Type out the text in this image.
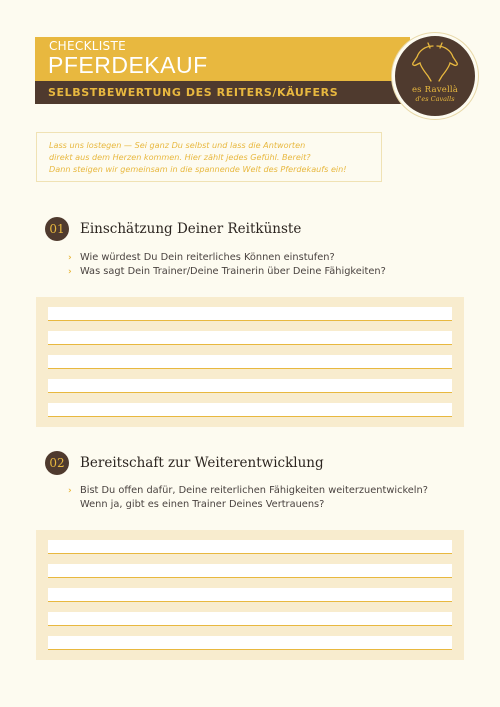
CHECKLISTE
PFERDEKAUF
SELBSTBEWERTUNG DES REITERS/KÄUFERS	es Ravellà
d'es Cavalls

Lass uns lostegen — Sei ganz Du selbst und lass die Antworten

direkt aus dem Herzen kommen. Hier zählt jedes Gefühl. Bereit?

Dann steigen wir gemeinsam in die spannende Welt des Pferdekaufs ein!

01	Einschätzung Deiner Reitkünste
› Wie würdest Du Dein reiterliches Können einstufen?
› Was sagt Dein Trainer/Deine Trainerin über Deine Fähigkeiten?
02	Bereitschaft zur Weiterentwicklung
› Bist Du offen dafür, Deine reiterlichen Fähigkeiten weiterzuentwickeln?
Wenn ja, gibt es einen Trainer Deines Vertrauens?
